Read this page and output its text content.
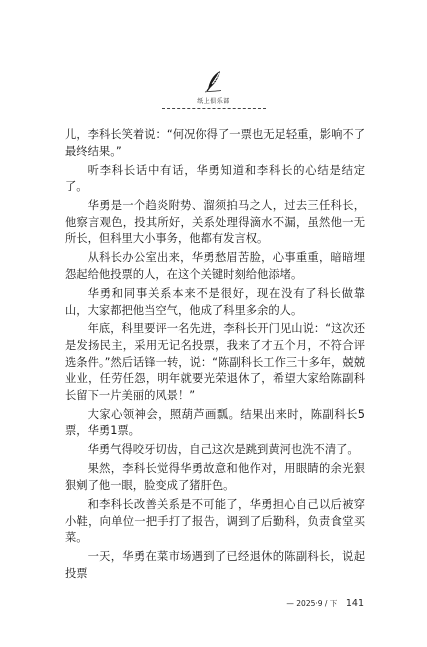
纸上俱乐部

儿，李科长笑着说：“何况你得了一票也无足轻重，影响不了最终结果。”

听李科长话中有话，华勇知道和李科长的心结是结定了。

华勇是一个趋炎附势、溜须拍马之人，过去三任科长，他察言观色，投其所好，关系处理得滴水不漏，虽然他一无所长，但科里大小事务，他都有发言权。

从科长办公室出来，华勇愁眉苦脸，心事重重，暗暗埋怨起给他投票的人，在这个关键时刻给他添堵。

华勇和同事关系本来不是很好，现在没有了科长做靠山，大家都把他当空气，他成了科里多余的人。

年底，科里要评一名先进，李科长开门见山说：“这次还是发扬民主，采用无记名投票，我来了才五个月，不符合评选条件。”然后话锋一转，说：“陈副科长工作三十多年，兢兢业业，任劳任怨，明年就要光荣退休了，希望大家给陈副科长留下一片美丽的风景！”

大家心领神会，照葫芦画瓢。结果出来时，陈副科长5票，华勇1票。

华勇气得咬牙切齿，自己这次是跳到黄河也洗不清了。

果然，李科长觉得华勇故意和他作对，用眼睛的余光狠狠剜了他一眼，脸变成了猪肝色。

和李科长改善关系是不可能了，华勇担心自己以后被穿小鞋，向单位一把手打了报告，调到了后勤科，负责食堂买菜。

一天，华勇在菜市场遇到了已经退休的陈副科长，说起投票

— 2025·9 / 下 141
